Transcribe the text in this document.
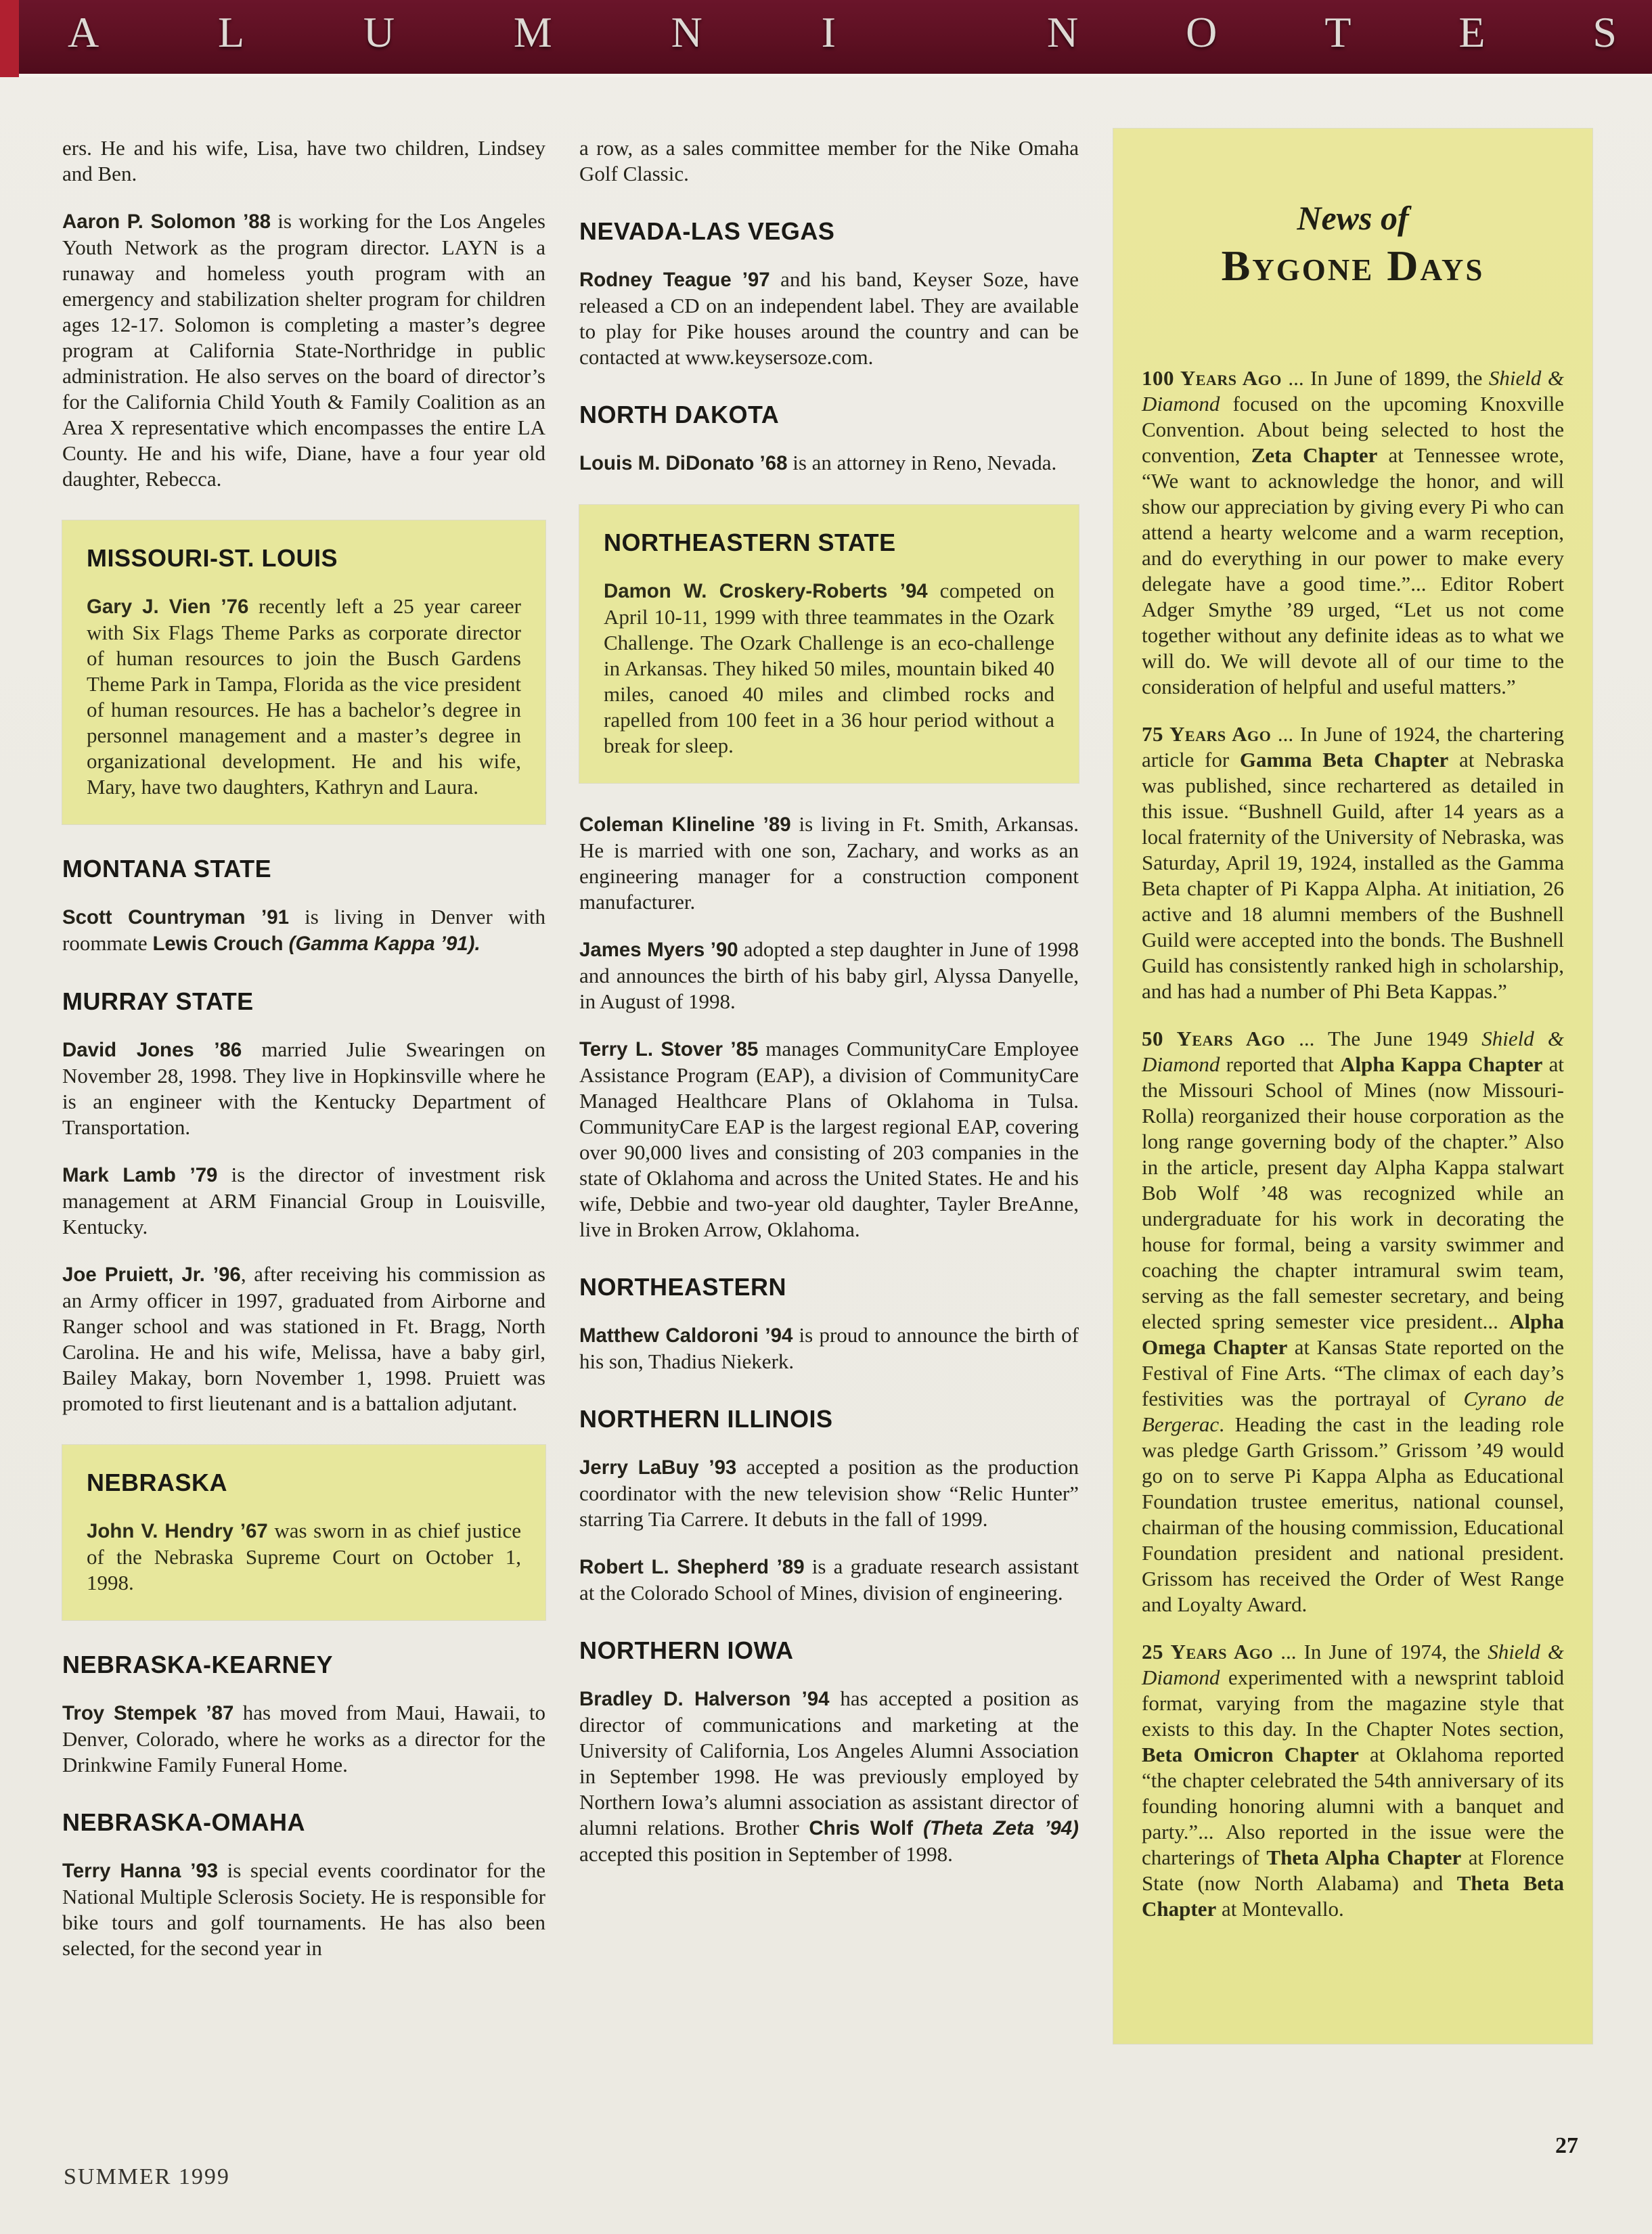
A	L	U	M	N	I	N O T E S

ers. He and his wife, Lisa, have two children, Lindsey and Ben.

Aaron P. Solomon ’88 is working for the Los Angeles Youth Network as the program director. LAYN is a runaway and homeless youth program with an emergency and stabilization shelter program for children ages 12-17. Solomon is completing a master’s degree program at California State-Northridge in public administration. He also serves on the board of director’s for the California Child Youth & Family Coalition as an Area X representative which encompasses the entire LA County. He and his wife, Diane, have a four year old daughter, Rebecca.

MISSOURI-ST. LOUIS

Gary J. Vien ’76 recently left a 25 year career with Six Flags Theme Parks as corporate director of human resources to join the Busch Gardens Theme Park in Tampa, Florida as the vice president of human resources. He has a bachelor’s degree in personnel management and a master’s degree in organizational development. He and his wife, Mary, have two daughters, Kathryn and Laura.

MONTANA STATE

Scott Countryman ’91 is living in Denver with roommate Lewis Crouch (Gamma Kappa ’91).

MURRAY STATE

David Jones ’86 married Julie Swearingen on November 28, 1998. They live in Hopkinsville where he is an engineer with the Kentucky Department of Transportation.

Mark Lamb ’79 is the director of investment risk management at ARM Financial Group in Louisville, Kentucky.

Joe Pruiett, Jr. ’96, after receiving his commission as an Army officer in 1997, graduated from Airborne and Ranger school and was stationed in Ft. Bragg, North Carolina. He and his wife, Melissa, have a baby girl, Bailey Makay, born November 1, 1998. Pruiett was promoted to first lieutenant and is a battalion adjutant.

NEBRASKA

John V. Hendry ’67 was sworn in as chief justice of the Nebraska Supreme Court on October 1, 1998.

NEBRASKA-KEARNEY

Troy Stempek ’87 has moved from Maui, Hawaii, to Denver, Colorado, where he works as a director for the Drinkwine Family Funeral Home.

NEBRASKA-OMAHA

Terry Hanna ’93 is special events coordinator for the National Multiple Sclerosis Society. He is responsible for bike tours and golf tournaments. He has also been selected, for the second year in

a row, as a sales committee member for the Nike Omaha Golf Classic.

NEVADA-LAS VEGAS

Rodney Teague ’97 and his band, Keyser Soze, have released a CD on an independent label. They are available to play for Pike houses around the country and can be contacted at www.keysersoze.com.

NORTH DAKOTA

Louis M. DiDonato ’68 is an attorney in Reno, Nevada.

NORTHEASTERN STATE

Damon W. Croskery-Roberts ’94 competed on April 10-11, 1999 with three teammates in the Ozark Challenge. The Ozark Challenge is an eco-challenge in Arkansas. They hiked 50 miles, mountain biked 40 miles, canoed 40 miles and climbed rocks and rapelled from 100 feet in a 36 hour period without a break for sleep.

Coleman Klineline ’89 is living in Ft. Smith, Arkansas. He is married with one son, Zachary, and works as an engineering manager for a construction component manufacturer.

James Myers ’90 adopted a step daughter in June of 1998 and announces the birth of his baby girl, Alyssa Danyelle, in August of 1998.

Terry L. Stover ’85 manages CommunityCare Employee Assistance Program (EAP), a division of CommunityCare Managed Healthcare Plans of Oklahoma in Tulsa. CommunityCare EAP is the largest regional EAP, covering over 90,000 lives and consisting of 203 companies in the state of Oklahoma and across the United States. He and his wife, Debbie and two-year old daughter, Tayler BreAnne, live in Broken Arrow, Oklahoma.

NORTHEASTERN

Matthew Caldoroni ’94 is proud to announce the birth of his son, Thadius Niekerk.

NORTHERN ILLINOIS

Jerry LaBuy ’93 accepted a position as the production coordinator with the new television show “Relic Hunter” starring Tia Carrere. It debuts in the fall of 1999.

Robert L. Shepherd ’89 is a graduate research assistant at the Colorado School of Mines, division of engineering.

NORTHERN IOWA

Bradley D. Halverson ’94 has accepted a position as director of communications and marketing at the University of California, Los Angeles Alumni Association in September 1998. He was previously employed by Northern Iowa’s alumni association as assistant director of alumni relations. Brother Chris Wolf (Theta Zeta ’94) accepted this position in September of 1998.

News of
Bygone Days

100 Years Ago ... In June of 1899, the Shield & Diamond focused on the upcoming Knoxville Convention. About being selected to host the convention, Zeta Chapter at Tennessee wrote, “We want to acknowledge the honor, and will show our appreciation by giving every Pi who can attend a hearty welcome and a warm reception, and do everything in our power to make every delegate have a good time.”... Editor Robert Adger Smythe ’89 urged, “Let us not come together without any definite ideas as to what we will do. We will devote all of our time to the consideration of helpful and useful matters.”

75 Years Ago ... In June of 1924, the chartering article for Gamma Beta Chapter at Nebraska was published, since rechartered as detailed in this issue. “Bushnell Guild, after 14 years as a local fraternity of the University of Nebraska, was Saturday, April 19, 1924, installed as the Gamma Beta chapter of Pi Kappa Alpha. At initiation, 26 active and 18 alumni members of the Bushnell Guild were accepted into the bonds. The Bushnell Guild has consistently ranked high in scholarship, and has had a number of Phi Beta Kappas.”

50 Years Ago ... The June 1949 Shield & Diamond reported that Alpha Kappa Chapter at the Missouri School of Mines (now Missouri-Rolla) reorganized their house corporation as the long range governing body of the chapter.” Also in the article, present day Alpha Kappa stalwart Bob Wolf ’48 was recognized while an undergraduate for his work in decorating the house for formal, being a varsity swimmer and coaching the chapter intramural swim team, serving as the fall semester secretary, and being elected spring semester vice president... Alpha Omega Chapter at Kansas State reported on the Festival of Fine Arts. “The climax of each day’s festivities was the portrayal of Cyrano de Bergerac. Heading the cast in the leading role was pledge Garth Grissom.” Grissom ’49 would go on to serve Pi Kappa Alpha as Educational Foundation trustee emeritus, national counsel, chairman of the housing commission, Educational Foundation president and national president. Grissom has received the Order of West Range and Loyalty Award.

25 Years Ago ... In June of 1974, the Shield & Diamond experimented with a newsprint tabloid format, varying from the magazine style that exists to this day. In the Chapter Notes section, Beta Omicron Chapter at Oklahoma reported “the chapter celebrated the 54th anniversary of its founding honoring alumni with a banquet and party.”... Also reported in the issue were the charterings of Theta Alpha Chapter at Florence State (now North Alabama) and Theta Beta Chapter at Montevallo.

SUMMER 1999
27
